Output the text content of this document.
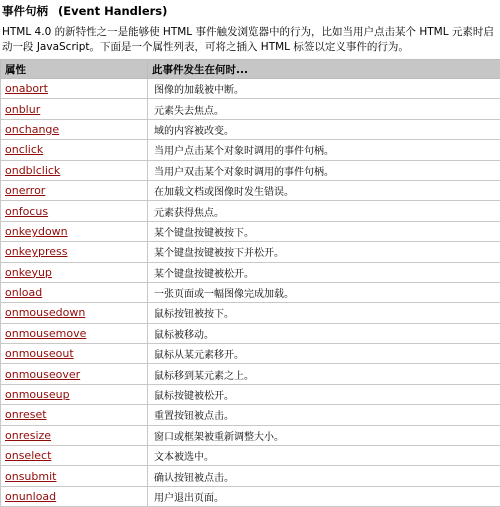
事件句柄 (Event Handlers)

HTML 4.0 的新特性之一是能够使 HTML 事件触发浏览器中的行为，比如当用户点击某个 HTML 元素时启动一段 JavaScript。下面是一个属性列表，可将之插入 HTML 标签以定义事件的行为。

属性	此事件发生在何时...
onabort	图像的加载被中断。
onblur	元素失去焦点。
onchange	域的内容被改变。
onclick	当用户点击某个对象时调用的事件句柄。
ondblclick	当用户双击某个对象时调用的事件句柄。
onerror	在加载文档或图像时发生错误。
onfocus	元素获得焦点。
onkeydown	某个键盘按键被按下。
onkeypress	某个键盘按键被按下并松开。
onkeyup	某个键盘按键被松开。
onload	一张页面或一幅图像完成加载。
onmousedown	鼠标按钮被按下。
onmousemove	鼠标被移动。
onmouseout	鼠标从某元素移开。
onmouseover	鼠标移到某元素之上。
onmouseup	鼠标按键被松开。
onreset	重置按钮被点击。
onresize	窗口或框架被重新调整大小。
onselect	文本被选中。
onsubmit	确认按钮被点击。
onunload	用户退出页面。
